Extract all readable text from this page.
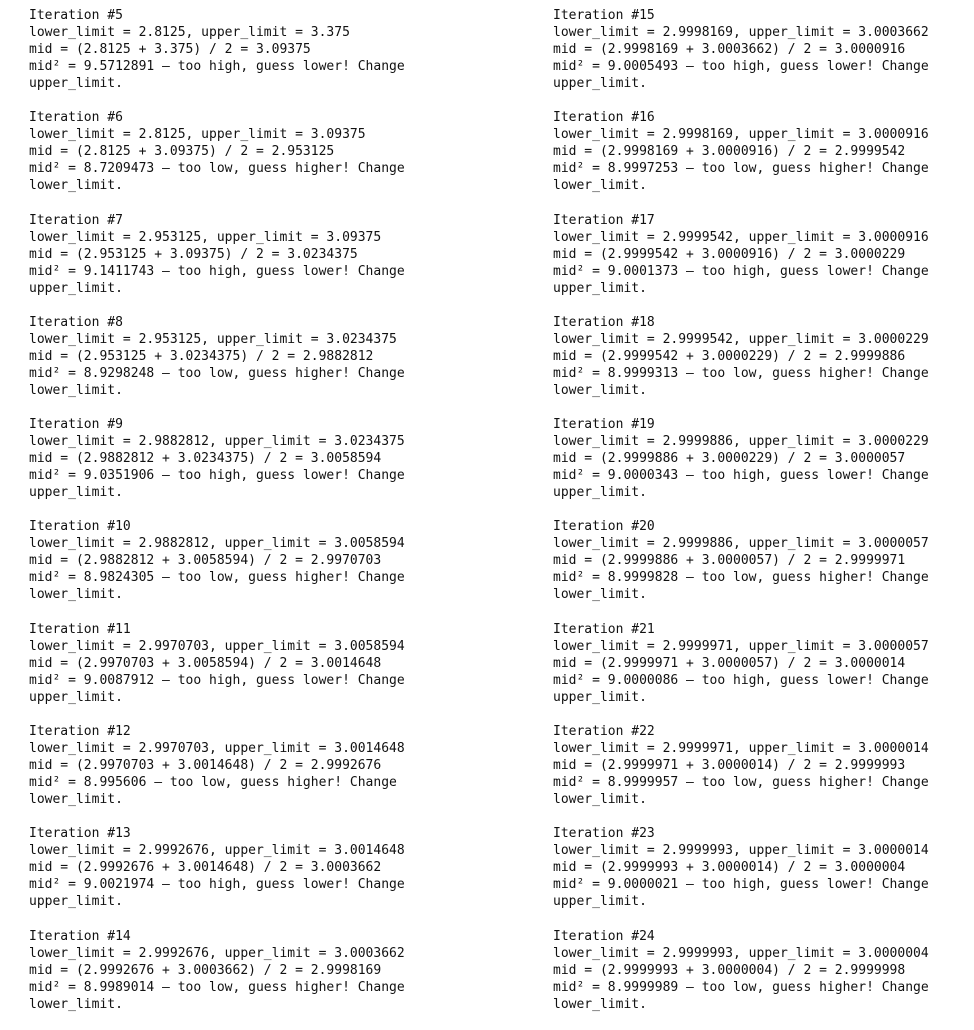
Iteration #5
lower_limit = 2.8125, upper_limit = 3.375
mid = (2.8125 + 3.375) / 2 = 3.09375
mid² = 9.5712891 — too high, guess lower! Change
upper_limit.
Iteration #6
lower_limit = 2.8125, upper_limit = 3.09375
mid = (2.8125 + 3.09375) / 2 = 2.953125
mid² = 8.7209473 — too low, guess higher! Change
lower_limit.
Iteration #7
lower_limit = 2.953125, upper_limit = 3.09375
mid = (2.953125 + 3.09375) / 2 = 3.0234375
mid² = 9.1411743 — too high, guess lower! Change
upper_limit.
Iteration #8
lower_limit = 2.953125, upper_limit = 3.0234375
mid = (2.953125 + 3.0234375) / 2 = 2.9882812
mid² = 8.9298248 — too low, guess higher! Change
lower_limit.
Iteration #9
lower_limit = 2.9882812, upper_limit = 3.0234375
mid = (2.9882812 + 3.0234375) / 2 = 3.0058594
mid² = 9.0351906 — too high, guess lower! Change
upper_limit.
Iteration #10
lower_limit = 2.9882812, upper_limit = 3.0058594
mid = (2.9882812 + 3.0058594) / 2 = 2.9970703
mid² = 8.9824305 — too low, guess higher! Change
lower_limit.
Iteration #11
lower_limit = 2.9970703, upper_limit = 3.0058594
mid = (2.9970703 + 3.0058594) / 2 = 3.0014648
mid² = 9.0087912 — too high, guess lower! Change
upper_limit.
Iteration #12
lower_limit = 2.9970703, upper_limit = 3.0014648
mid = (2.9970703 + 3.0014648) / 2 = 2.9992676
mid² = 8.995606 — too low, guess higher! Change
lower_limit.
Iteration #13
lower_limit = 2.9992676, upper_limit = 3.0014648
mid = (2.9992676 + 3.0014648) / 2 = 3.0003662
mid² = 9.0021974 — too high, guess lower! Change
upper_limit.
Iteration #14
lower_limit = 2.9992676, upper_limit = 3.0003662
mid = (2.9992676 + 3.0003662) / 2 = 2.9998169
mid² = 8.9989014 — too low, guess higher! Change
lower_limit.
Iteration #15
lower_limit = 2.9998169, upper_limit = 3.0003662
mid = (2.9998169 + 3.0003662) / 2 = 3.0000916
mid² = 9.0005493 — too high, guess lower! Change
upper_limit.
Iteration #16
lower_limit = 2.9998169, upper_limit = 3.0000916
mid = (2.9998169 + 3.0000916) / 2 = 2.9999542
mid² = 8.9997253 — too low, guess higher! Change
lower_limit.
Iteration #17
lower_limit = 2.9999542, upper_limit = 3.0000916
mid = (2.9999542 + 3.0000916) / 2 = 3.0000229
mid² = 9.0001373 — too high, guess lower! Change
upper_limit.
Iteration #18
lower_limit = 2.9999542, upper_limit = 3.0000229
mid = (2.9999542 + 3.0000229) / 2 = 2.9999886
mid² = 8.9999313 — too low, guess higher! Change
lower_limit.
Iteration #19
lower_limit = 2.9999886, upper_limit = 3.0000229
mid = (2.9999886 + 3.0000229) / 2 = 3.0000057
mid² = 9.0000343 — too high, guess lower! Change
upper_limit.
Iteration #20
lower_limit = 2.9999886, upper_limit = 3.0000057
mid = (2.9999886 + 3.0000057) / 2 = 2.9999971
mid² = 8.9999828 — too low, guess higher! Change
lower_limit.
Iteration #21
lower_limit = 2.9999971, upper_limit = 3.0000057
mid = (2.9999971 + 3.0000057) / 2 = 3.0000014
mid² = 9.0000086 — too high, guess lower! Change
upper_limit.
Iteration #22
lower_limit = 2.9999971, upper_limit = 3.0000014
mid = (2.9999971 + 3.0000014) / 2 = 2.9999993
mid² = 8.9999957 — too low, guess higher! Change
lower_limit.
Iteration #23
lower_limit = 2.9999993, upper_limit = 3.0000014
mid = (2.9999993 + 3.0000014) / 2 = 3.0000004
mid² = 9.0000021 — too high, guess lower! Change
upper_limit.
Iteration #24
lower_limit = 2.9999993, upper_limit = 3.0000004
mid = (2.9999993 + 3.0000004) / 2 = 2.9999998
mid² = 8.9999989 — too low, guess higher! Change
lower_limit.
